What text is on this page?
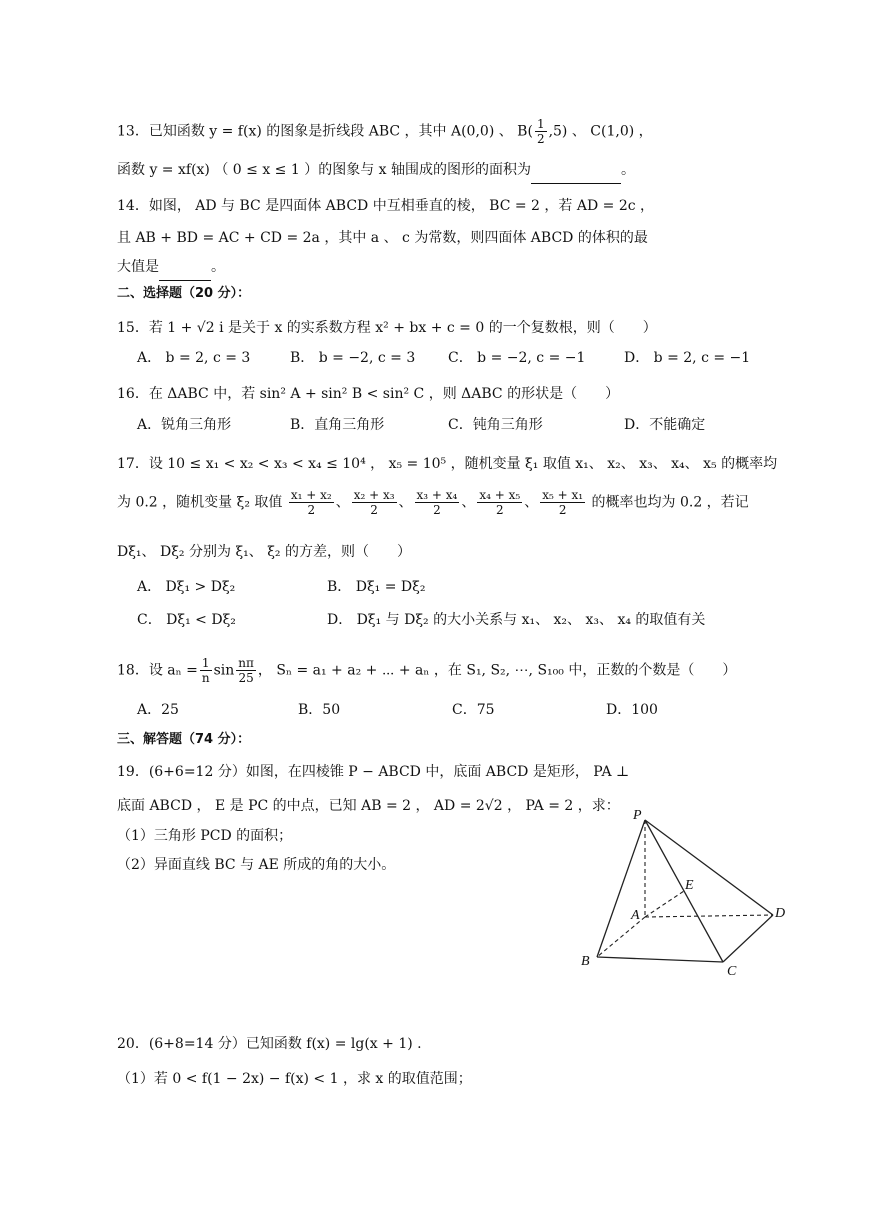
13．已知函数 y = f(x) 的图象是折线段 ABC ，其中 A(0,0) 、 $B( \frac{1}{2} ,5)$ 、 C(1,0) ，
函数 y = xf(x) （ 0 ≤ x ≤ 1 ）的图象与 x 轴围成的图形的面积为	。
14．如图， AD 与 BC 是四面体 ABCD 中互相垂直的棱， BC = 2 ，若 AD = 2c ，
且 AB + BD = AC + CD = 2a ，其中 a 、 c 为常数，则四面体 ABCD 的体积的最
大值是	。
二、选择题（20 分）：
15．若 1 + √2 i 是关于 x 的实系数方程 x² + bx + c = 0 的一个复数根，则（　　）
A． b = 2, c = 3	B． b = −2, c = 3 C． b = −2, c = −1	D． b = 2, c = −1
16．在 ΔABC 中，若 sin² A + sin² B < sin² C ，则 ΔABC 的形状是（　　）
A．锐角三角形	B．直角三角形	C．钝角三角形	D．不能确定
17．设 10 ≤ x₁ < x₂ < x₃ < x₄ ≤ 10⁴ ， x₅ = 10⁵ ，随机变量 ξ₁ 取值 x₁、 x₂、 x₃、 x₄、 x₅ 的概率均
为 0.2 ，随机变量 ξ₂ 取值 $\frac{\text{x₁ + x₂}}{2}$ 、 $\frac{\text{x₂ + x₃}}{2}$ 、 $\frac{\text{x₃ + x₄}}{2}$ 、 $\frac{\text{x₄ + x₅}}{2}$ 、 $\frac{\text{x₅ + x₁}}{2}$ 的概率也均为 0.2 ，若记
Dξ₁、 Dξ₂ 分别为 ξ₁、 ξ₂ 的方差，则（　　）
A． Dξ₁ > Dξ₂	B． Dξ₁ = Dξ₂
C． Dξ₁ < Dξ₂	D． Dξ₁ 与 Dξ₂ 的大小关系与 x₁、 x₂、 x₃、 x₄ 的取值有关
18．设 $a_n = \frac{1}{n}$ $\sin \frac{n\pi}{25}$ ， Sₙ = a₁ + a₂ + ⋯ + aₙ ，在 S₁, S₂, ⋯, S₁₀₀ 中，正数的个数是（　　）
A．25	B．50	C．75	D．100
三、解答题（74 分）：
19．(6+6=12 分）如图，在四棱锥 P − ABCD 中，底面 ABCD 是矩形， PA ⊥
底面 ABCD ， E 是 PC 的中点，已知 AB = 2 ， AD = 2√2 ， PA = 2 ，求：
（1）三角形 PCD 的面积；
（2）异面直线 BC 与 AE 所成的角的大小。
P
A
B
C
D
E
20．(6+8=14 分）已知函数 f(x) = lg(x + 1) .
（1）若 0 < f(1 − 2x) − f(x) < 1 ，求 x 的取值范围；
